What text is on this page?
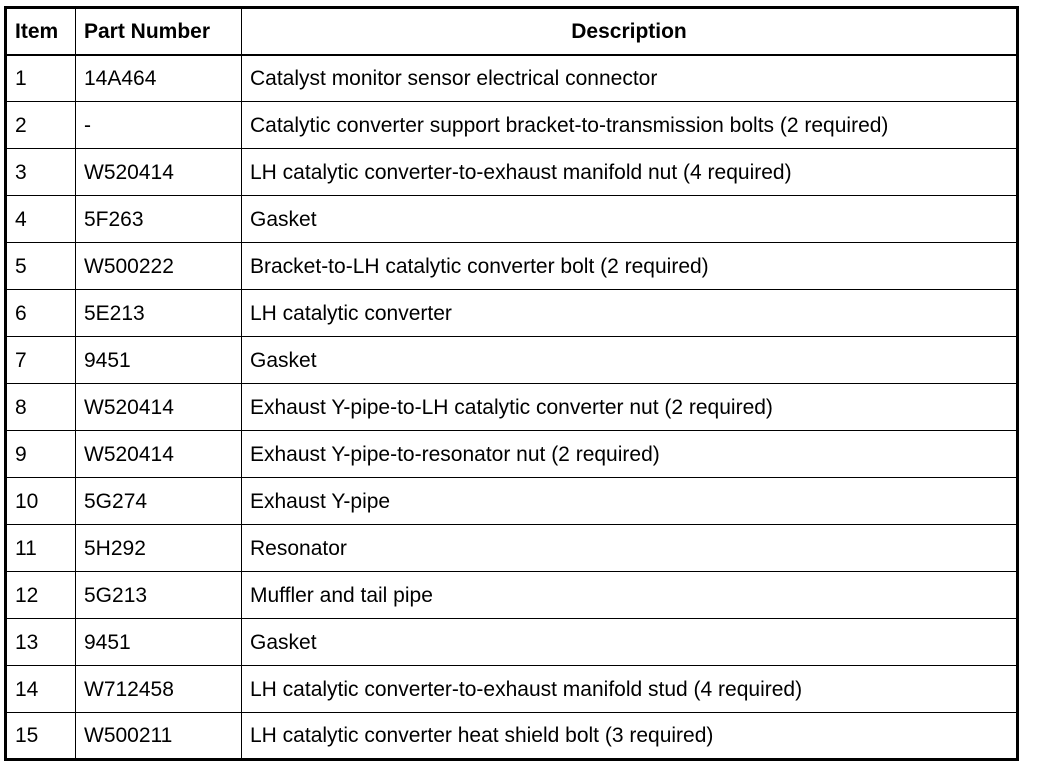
Item	Part Number	Description
1	14A464	Catalyst monitor sensor electrical connector
2	-	Catalytic converter support bracket-to-transmission bolts (2 required)
3	W520414	LH catalytic converter-to-exhaust manifold nut (4 required)
4	5F263	Gasket
5	W500222	Bracket-to-LH catalytic converter bolt (2 required)
6	5E213	LH catalytic converter
7	9451	Gasket
8	W520414	Exhaust Y-pipe-to-LH catalytic converter nut (2 required)
9	W520414	Exhaust Y-pipe-to-resonator nut (2 required)
10	5G274	Exhaust Y-pipe
11	5H292	Resonator
12	5G213	Muffler and tail pipe
13	9451	Gasket
14	W712458	LH catalytic converter-to-exhaust manifold stud (4 required)
15	W500211	LH catalytic converter heat shield bolt (3 required)
